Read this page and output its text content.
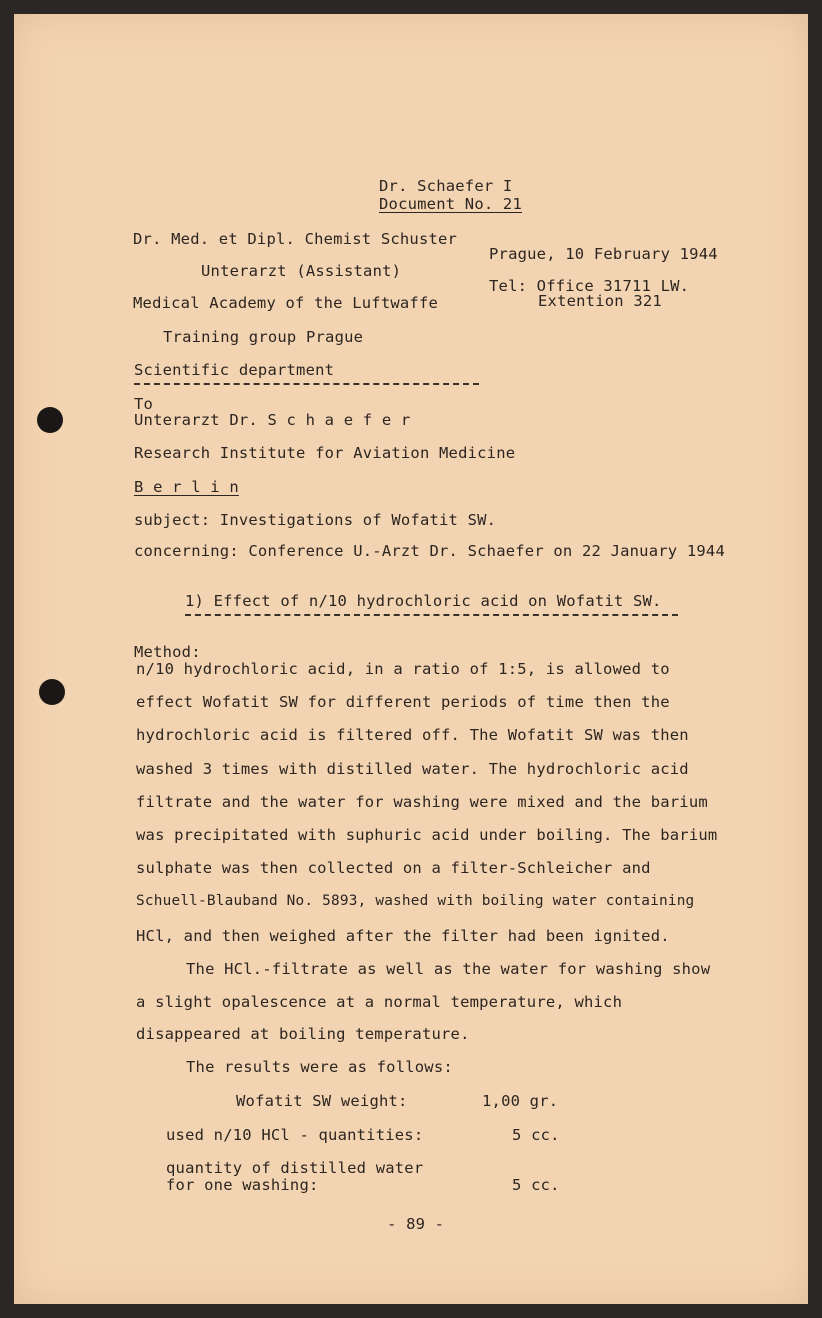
Dr. Schaefer I
Document No. 21
Dr. Med. et Dipl. Chemist Schuster
Unterarzt (Assistant)
Medical Academy of the Luftwaffe
Training group Prague
Scientific department
Prague, 10 February 1944
Tel: Office 31711 LW.
Extention 321
To
Unterarzt Dr. S c h a e f e r
Research Institute for Aviation Medicine
B e r l i n
subject: Investigations of Wofatit SW.
concerning: Conference U.-Arzt Dr. Schaefer on 22 January 1944
1) Effect of n/10 hydrochloric acid on Wofatit SW.
Method:
n/10 hydrochloric acid, in a ratio of 1:5, is allowed to
effect Wofatit SW for different periods of time then the
hydrochloric acid is filtered off. The Wofatit SW was then
washed 3 times with distilled water. The hydrochloric acid
filtrate and the water for washing were mixed and the barium
was precipitated with suphuric acid under boiling. The barium
sulphate was then collected on a filter-Schleicher and
Schuell-Blauband No. 5893, washed with boiling water containing
HCl, and then weighed after the filter had been ignited.
The HCl.-filtrate as well as the water for washing show
a slight opalescence at a normal temperature, which
disappeared at boiling temperature.
The results were as follows:
Wofatit SW weight:	1,00 gr.
used n/10 HCl - quantities:	5 cc.
quantity of distilled water
for one washing:	5 cc.
- 89 -
